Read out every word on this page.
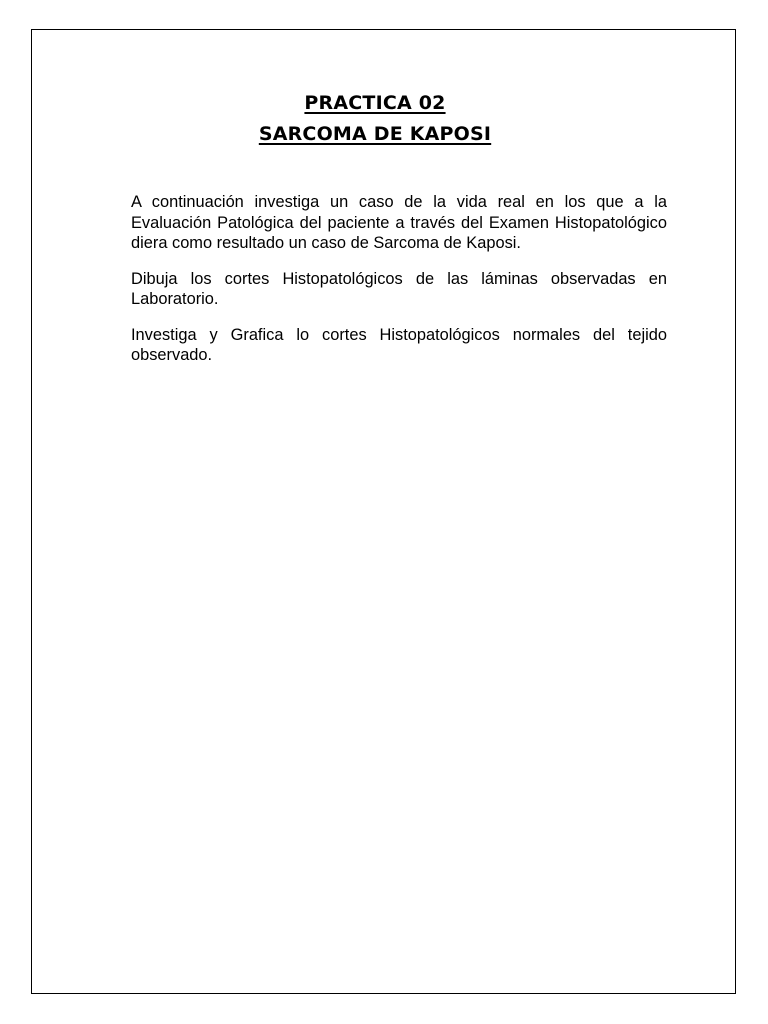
PRACTICA 02
SARCOMA DE KAPOSI

A continuación investiga un caso de la vida real en los que a la Evaluación Patológica del paciente a través del Examen Histopatológico diera como resultado un caso de Sarcoma de Kaposi.

Dibuja los cortes Histopatológicos de las láminas observadas en Laboratorio.

Investiga y Grafica lo cortes Histopatológicos normales del tejido observado.
